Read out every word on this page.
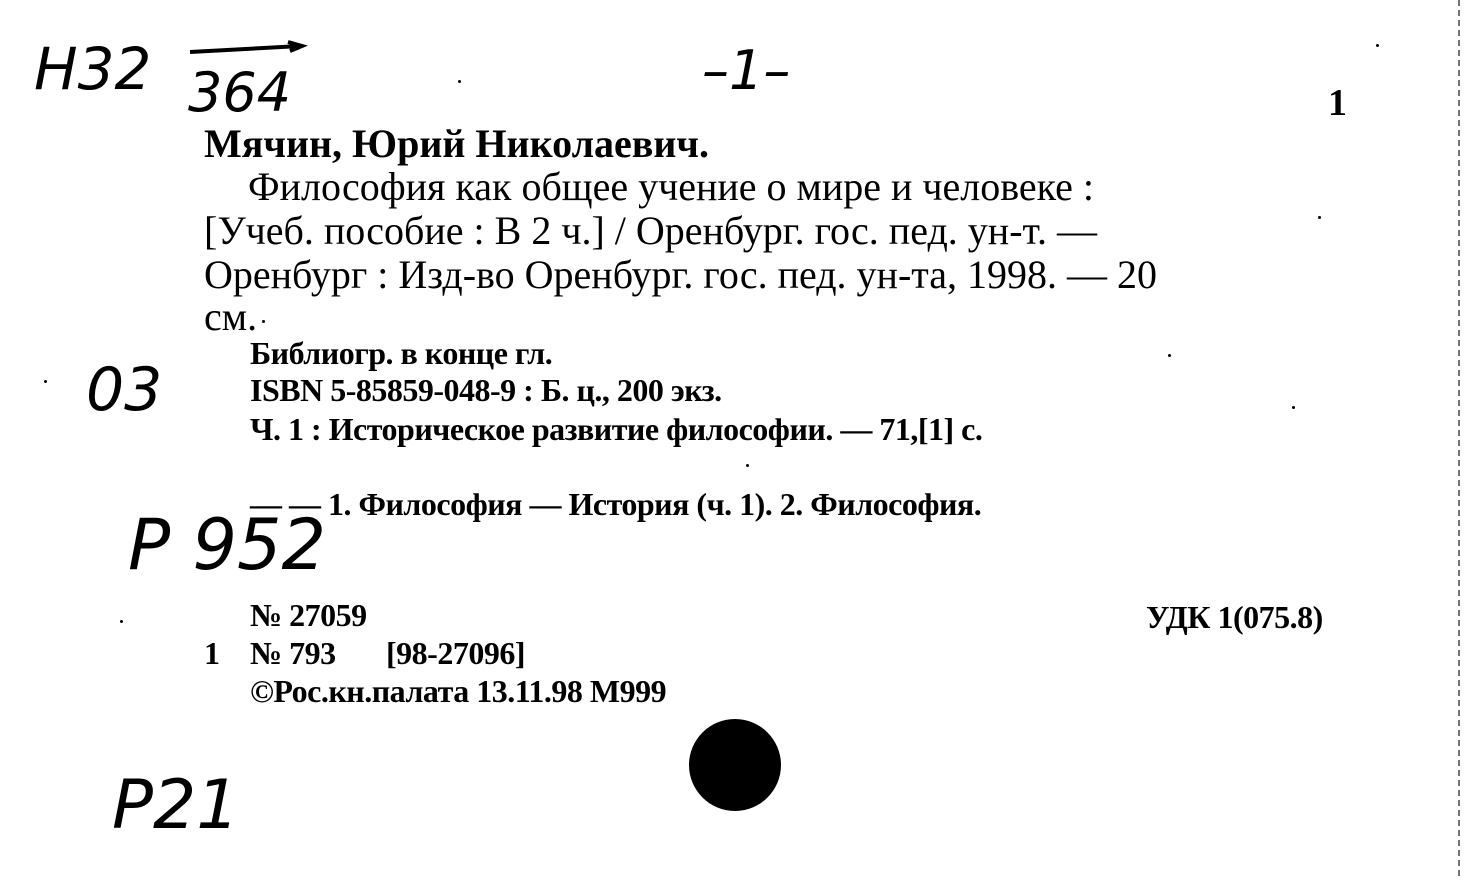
Н32 364	–1–
1
Мячин, Юрий Николаевич.
Философия как общее учение о мире и человеке :
[Учеб. пособие : В 2 ч.] / Оренбург. гос. пед. ун-т. —
Оренбург : Изд-во Оренбург. гос. пед. ун-та, 1998. — 20
см.
Библиогр. в конце гл.
ISBN 5-85859-048-9 : Б. ц., 200 экз.
Ч. 1 : Историческое развитие философии. — 71,[1] с.
03
— — 1. Философия — История (ч. 1). 2. Философия.
Р 952
№ 27059	УДК 1(075.8)
1 № 793 [98-27096]
©Рос.кн.палата 13.11.98 М999
Р21
